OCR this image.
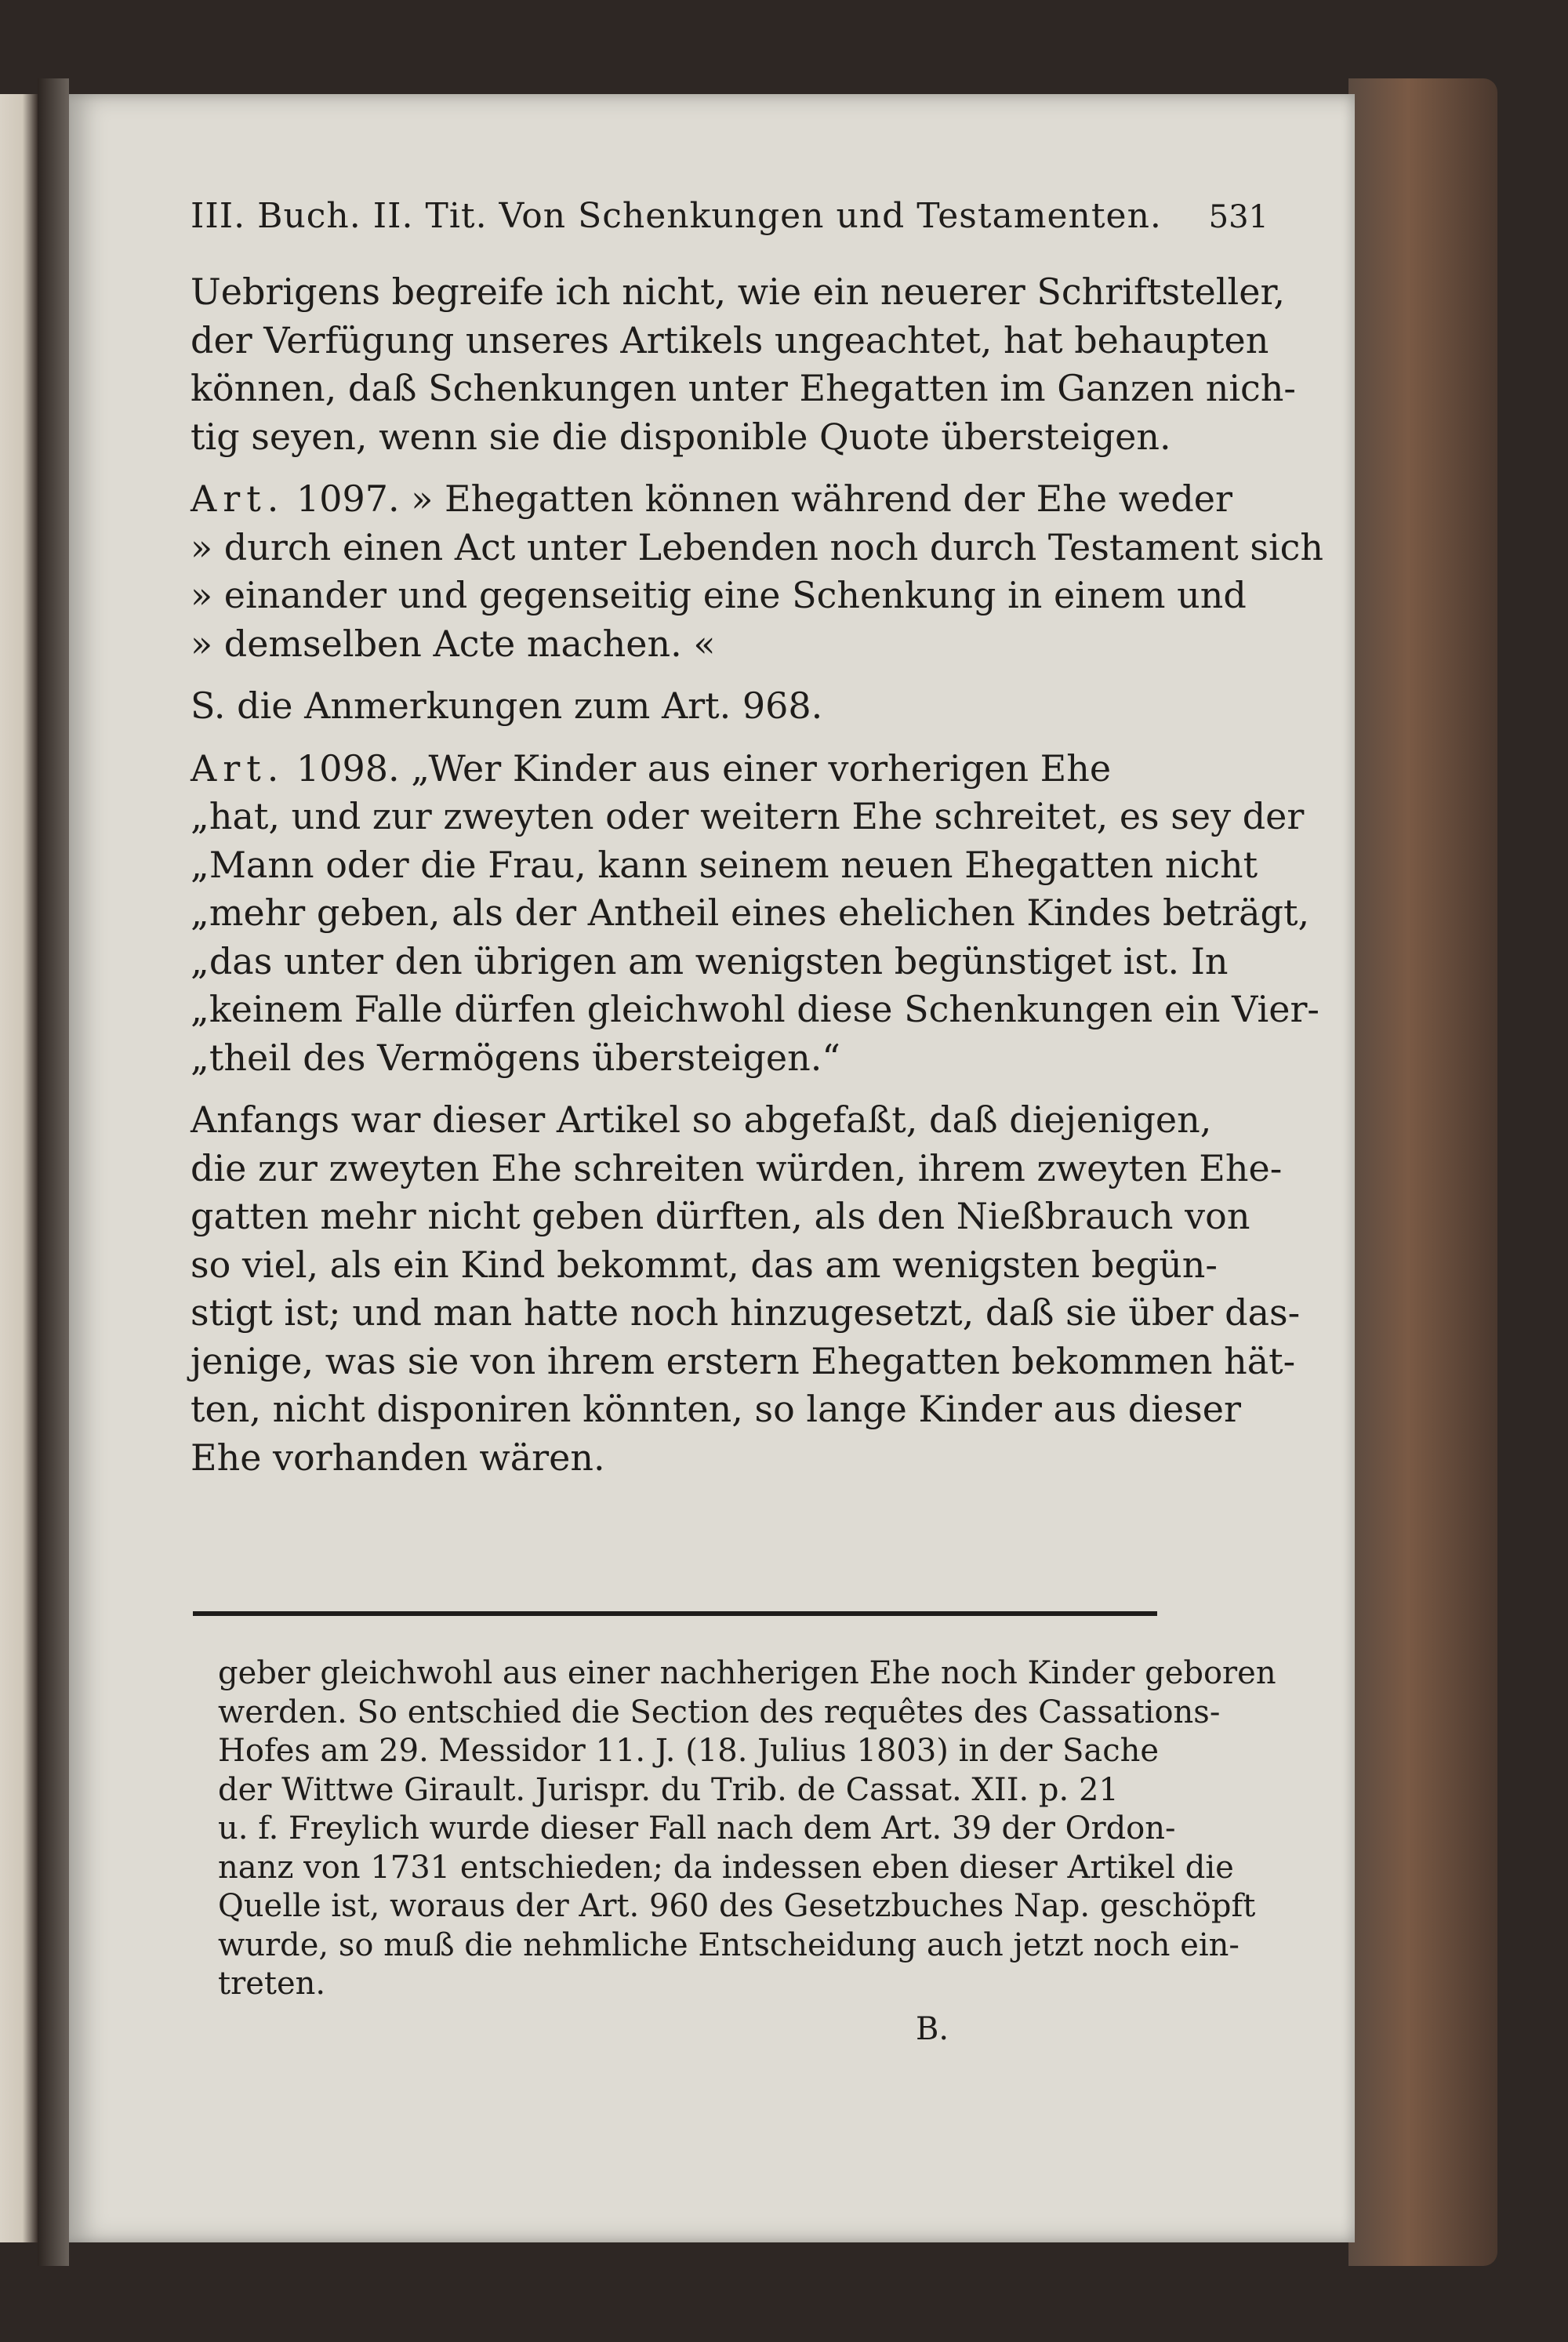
III. Buch. II. Tit. Von Schenkungen und Testamenten. 531

Uebrigens begreife ich nicht, wie ein neuerer Schriftsteller,
der Verfügung unseres Artikels ungeachtet, hat behaupten
können, daß Schenkungen unter Ehegatten im Ganzen nich-
tig seyen, wenn sie die disponible Quote übersteigen.

Art. 1097. » Ehegatten können während der Ehe weder
» durch einen Act unter Lebenden noch durch Testament sich
» einander und gegenseitig eine Schenkung in einem und
» demselben Acte machen. «

S. die Anmerkungen zum Art. 968.

Art. 1098. „Wer Kinder aus einer vorherigen Ehe
„hat, und zur zweyten oder weitern Ehe schreitet, es sey der
„Mann oder die Frau, kann seinem neuen Ehegatten nicht
„mehr geben, als der Antheil eines ehelichen Kindes beträgt,
„das unter den übrigen am wenigsten begünstiget ist. In
„keinem Falle dürfen gleichwohl diese Schenkungen ein Vier-
„theil des Vermögens übersteigen.“

Anfangs war dieser Artikel so abgefaßt, daß diejenigen,
die zur zweyten Ehe schreiten würden, ihrem zweyten Ehe-
gatten mehr nicht geben dürften, als den Nießbrauch von
so viel, als ein Kind bekommt, das am wenigsten begün-
stigt ist; und man hatte noch hinzugesetzt, daß sie über das-
jenige, was sie von ihrem erstern Ehegatten bekommen hät-
ten, nicht disponiren könnten, so lange Kinder aus dieser
Ehe vorhanden wären.

geber gleichwohl aus einer nachherigen Ehe noch Kinder geboren
werden. So entschied die Section des requêtes des Cassations-
Hofes am 29. Messidor 11. J. (18. Julius 1803) in der Sache
der Wittwe Girault. Jurispr. du Trib. de Cassat. XII. p. 21
u. f. Freylich wurde dieser Fall nach dem Art. 39 der Ordon-
nanz von 1731 entschieden; da indessen eben dieser Artikel die
Quelle ist, woraus der Art. 960 des Gesetzbuches Nap. geschöpft
wurde, so muß die nehmliche Entscheidung auch jetzt noch ein-
treten.
B.
